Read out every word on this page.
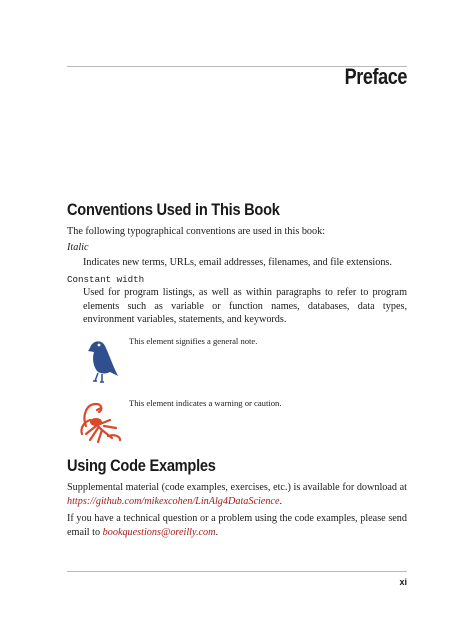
Preface
Conventions Used in This Book
The following typographical conventions are used in this book:
Italic
Indicates new terms, URLs, email addresses, filenames, and file extensions.
Constant width
Used for program listings, as well as within paragraphs to refer to program elements such as variable or function names, databases, data types, environment variables, statements, and keywords.
This element signifies a general note.
This element indicates a warning or caution.
Using Code Examples
Supplemental material (code examples, exercises, etc.) is available for download at https://github.com/mikexcohen/LinAlg4DataScience.
If you have a technical question or a problem using the code examples, please send email to bookquestions@oreilly.com.
xi
